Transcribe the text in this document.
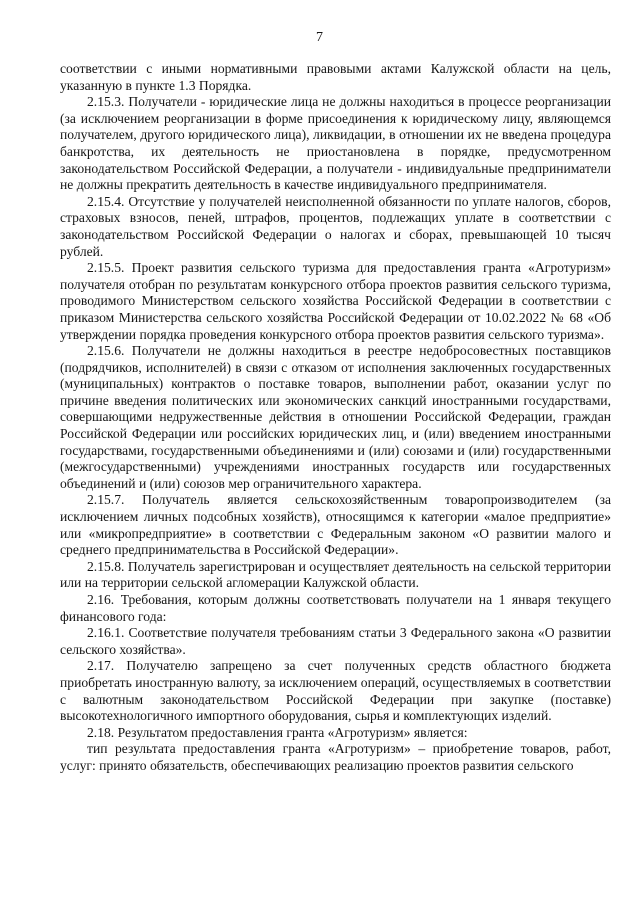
7

соответствии с иными нормативными правовыми актами Калужской области на цель, указанную в пункте 1.3 Порядка.

2.15.3. Получатели - юридические лица не должны находиться в процессе реорганизации (за исключением реорганизации в форме присоединения к юридическому лицу, являющемся получателем, другого юридического лица), ликвидации, в отношении их не введена процедура банкротства, их деятельность не приостановлена в порядке, предусмотренном законодательством Российской Федерации, а получатели - индивидуальные предприниматели не должны прекратить деятельность в качестве индивидуального предпринимателя.

2.15.4. Отсутствие у получателей неисполненной обязанности по уплате налогов, сборов, страховых взносов, пеней, штрафов, процентов, подлежащих уплате в соответствии с законодательством Российской Федерации о налогах и сборах, превышающей 10 тысяч рублей.

2.15.5. Проект развития сельского туризма для предоставления гранта «Агротуризм» получателя отобран по результатам конкурсного отбора проектов развития сельского туризма, проводимого Министерством сельского хозяйства Российской Федерации в соответствии с приказом Министерства сельского хозяйства Российской Федерации от 10.02.2022 № 68 «Об утверждении порядка проведения конкурсного отбора проектов развития сельского туризма».

2.15.6. Получатели не должны находиться в реестре недобросовестных поставщиков (подрядчиков, исполнителей) в связи с отказом от исполнения заключенных государственных (муниципальных) контрактов о поставке товаров, выполнении работ, оказании услуг по причине введения политических или экономических санкций иностранными государствами, совершающими недружественные действия в отношении Российской Федерации, граждан Российской Федерации или российских юридических лиц, и (или) введением иностранными государствами, государственными объединениями и (или) союзами и (или) государственными (межгосударственными) учреждениями иностранных государств или государственных объединений и (или) союзов мер ограничительного характера.

2.15.7. Получатель является сельскохозяйственным товаропроизводителем (за исключением личных подсобных хозяйств), относящимся к категории «малое предприятие» или «микропредприятие» в соответствии с Федеральным законом «О развитии малого и среднего предпринимательства в Российской Федерации».

2.15.8. Получатель зарегистрирован и осуществляет деятельность на сельской территории или на территории сельской агломерации Калужской области.

2.16. Требования, которым должны соответствовать получатели на 1 января текущего финансового года:

2.16.1. Соответствие получателя требованиям статьи 3 Федерального закона «О развитии сельского хозяйства».

2.17. Получателю запрещено за счет полученных средств областного бюджета приобретать иностранную валюту, за исключением операций, осуществляемых в соответствии с валютным законодательством Российской Федерации при закупке (поставке) высокотехнологичного импортного оборудования, сырья и комплектующих изделий.

2.18. Результатом предоставления гранта «Агротуризм» является:

тип результата предоставления гранта «Агротуризм» – приобретение товаров, работ, услуг: принято обязательств, обеспечивающих реализацию проектов развития сельского
